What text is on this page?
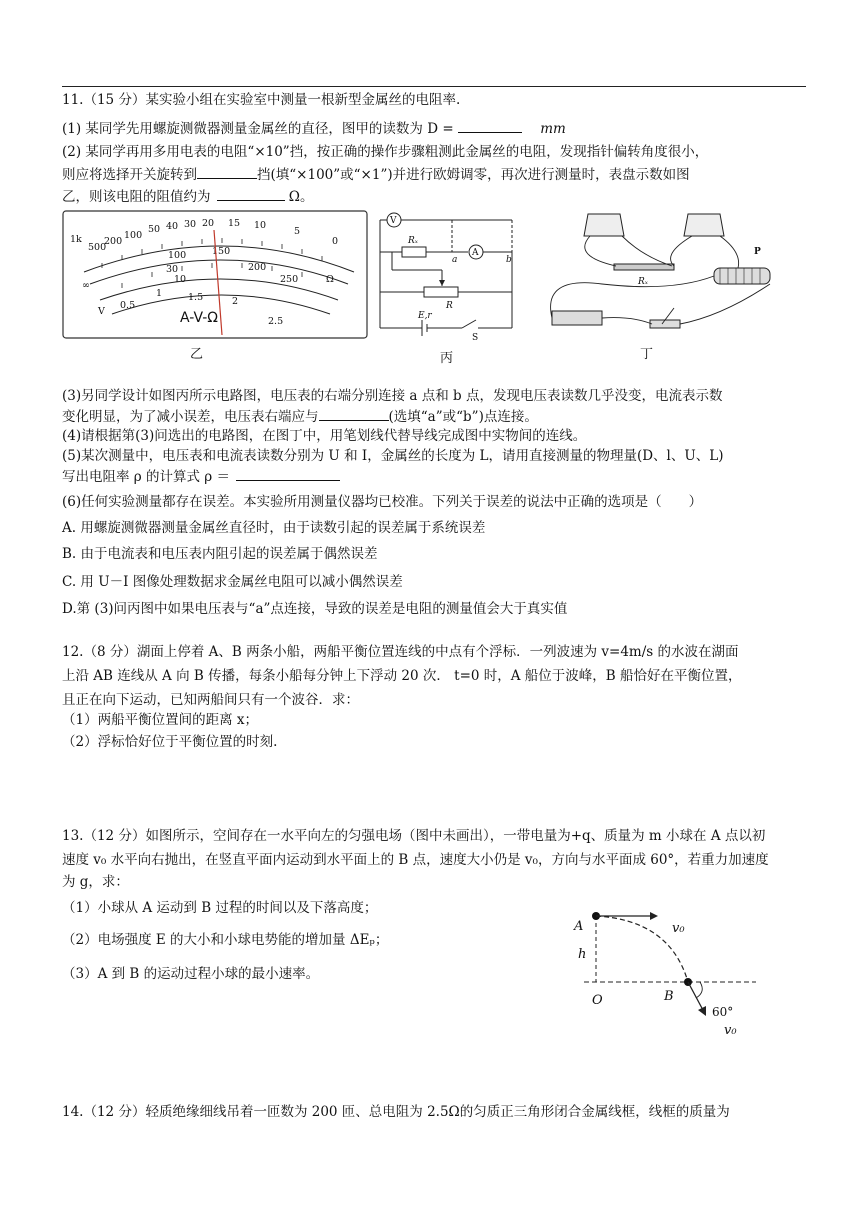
11.（15 分）某实验小组在实验室中测量一根新型金属丝的电阻率.
(1) 某同学先用螺旋测微器测量金属丝的直径，图甲的读数为 D =	mm
(2) 某同学再用多用电表的电阻“×10”挡，按正确的操作步骤粗测此金属丝的电阻，发现指针偏转角度很小，
则应将选择开关旋转到	挡(填“×100”或“×1”)并进行欧姆调零，再次进行测量时，表盘示数如图
乙，则该电阻的阻值约为	Ω。
1k
500
200
100
50 40 30 20 15 10
5
0
Ω
100	150
200
250
30
10
∞
V
0.5
1	1.5	2
2.5
A-V-Ω
乙
V
A
Rₓ
a	b
R
E,r
S
丙
Rₓ
P
丁
(3)另同学设计如图丙所示电路图，电压表的右端分别连接 a 点和 b 点，发现电压表读数几乎没变，电流表示数
变化明显，为了减小误差，电压表右端应与	(选填“a”或“b”)点连接。
(4)请根据第(3)问选出的电路图，在图丁中，用笔划线代替导线完成图中实物间的连线。
(5)某次测量中，电压表和电流表读数分别为 U 和 I，金属丝的长度为 L，请用直接测量的物理量(D、l、U、L)
写出电阻率 ρ 的计算式 ρ ＝
(6)任何实验测量都存在误差。本实验所用测量仪器均已校准。下列关于误差的说法中正确的选项是（　　）
A. 用螺旋测微器测量金属丝直径时，由于读数引起的误差属于系统误差
B. 由于电流表和电压表内阻引起的误差属于偶然误差
C. 用 U－I 图像处理数据求金属丝电阻可以减小偶然误差
D.第 (3)问丙图中如果电压表与“a”点连接，导致的误差是电阻的测量值会大于真实值
12.（8 分）湖面上停着 A、B 两条小船，两船平衡位置连线的中点有个浮标．一列波速为 v=4m/s 的水波在湖面
上沿 AB 连线从 A 向 B 传播，每条小船每分钟上下浮动 20 次． t=0 时，A 船位于波峰，B 船恰好在平衡位置，
且正在向下运动，已知两船间只有一个波谷．求：
（1）两船平衡位置间的距离 x；
（2）浮标恰好位于平衡位置的时刻.
13.（12 分）如图所示，空间存在一水平向左的匀强电场（图中未画出），一带电量为+q、质量为 m 小球在 A 点以初
速度 v₀ 水平向右抛出，在竖直平面内运动到水平面上的 B 点，速度大小仍是 v₀，方向与水平面成 60°，若重力加速度
为 g，求：
（1）小球从 A 运动到 B 过程的时间以及下落高度；
（2）电场强度 E 的大小和小球电势能的增加量 ΔEₚ；
（3）A 到 B 的运动过程小球的最小速率。
A
h
O	B
v₀
v₀
60°
14.（12 分）轻质绝缘细线吊着一匝数为 200 匝、总电阻为 2.5Ω的匀质正三角形闭合金属线框，线框的质量为
